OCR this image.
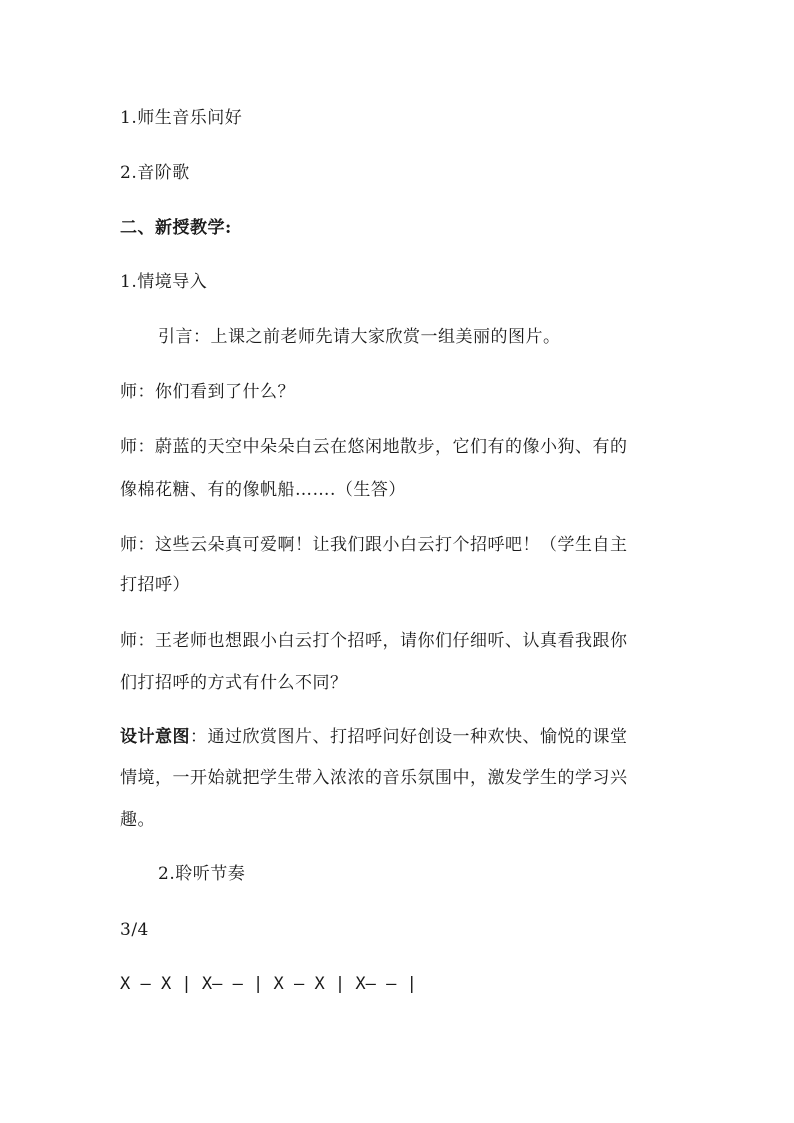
1.师生音乐问好
2.音阶歌
二、新授教学:
1.情境导入
引言：上课之前老师先请大家欣赏一组美丽的图片。
师：你们看到了什么？
师：蔚蓝的天空中朵朵白云在悠闲地散步，它们有的像小狗、有的
像棉花糖、有的像帆船…….（生答）
师：这些云朵真可爱啊！让我们跟小白云打个招呼吧！（学生自主
打招呼）
师：王老师也想跟小白云打个招呼，请你们仔细听、认真看我跟你
们打招呼的方式有什么不同？
设计意图：通过欣赏图片、打招呼问好创设一种欢快、愉悦的课堂
情境，一开始就把学生带入浓浓的音乐氛围中，激发学生的学习兴
趣。
2.聆听节奏
3/4
X — X | X— — | X — X | X— — |
